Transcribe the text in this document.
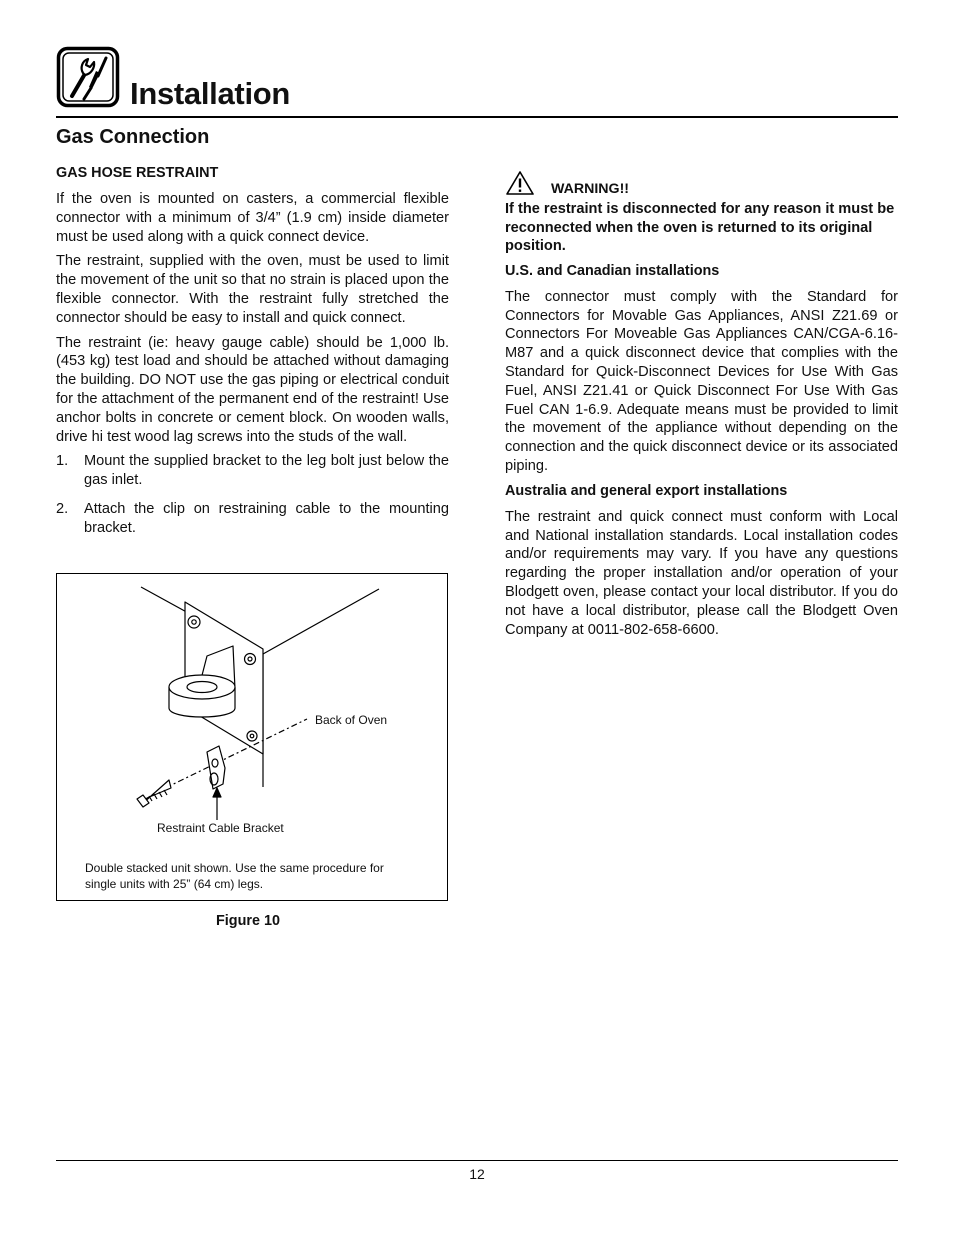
Installation
Gas Connection
GAS HOSE RESTRAINT

If the oven is mounted on casters, a commercial flexible connector with a minimum of 3/4” (1.9 cm) inside diameter must be used along with a quick connect device.

The restraint, supplied with the oven, must be used to limit the movement of the unit so that no strain is placed upon the flexible connector. With the restraint fully stretched the connector should be easy to install and quick connect.

The restraint (ie: heavy gauge cable) should be 1,000 lb. (453 kg) test load and should be attached without damaging the building. DO NOT use the gas piping or electrical conduit for the attachment of the permanent end of the restraint! Use anchor bolts in concrete or cement block. On wooden walls, drive hi test wood lag screws into the studs of the wall.

1. Mount the supplied bracket to the leg bolt just below the gas inlet.
2. Attach the clip on restraining cable to the mounting bracket.
Back of Oven
Restraint Cable Bracket
Double stacked unit shown. Use the same procedure for single units with 25” (64 cm) legs.
Figure 10
WARNING!!

If the restraint is disconnected for any reason it must be reconnected when the oven is returned to its original position.

U.S. and Canadian installations

The connector must comply with the Standard for Connectors for Movable Gas Appliances, ANSI Z21.69 or Connectors For Moveable Gas Appliances CAN/CGA-6.16-M87 and a quick disconnect device that complies with the Standard for Quick-Disconnect Devices for Use With Gas Fuel, ANSI Z21.41 or Quick Disconnect For Use With Gas Fuel CAN 1-6.9. Adequate means must be provided to limit the movement of the appliance without depending on the connection and the quick disconnect device or its associated piping.

Australia and general export installations

The restraint and quick connect must conform with Local and National installation standards. Local installation codes and/or requirements may vary. If you have any questions regarding the proper installation and/or operation of your Blodgett oven, please contact your local distributor. If you do not have a local distributor, please call the Blodgett Oven Company at 0011-802-658-6600.

12
